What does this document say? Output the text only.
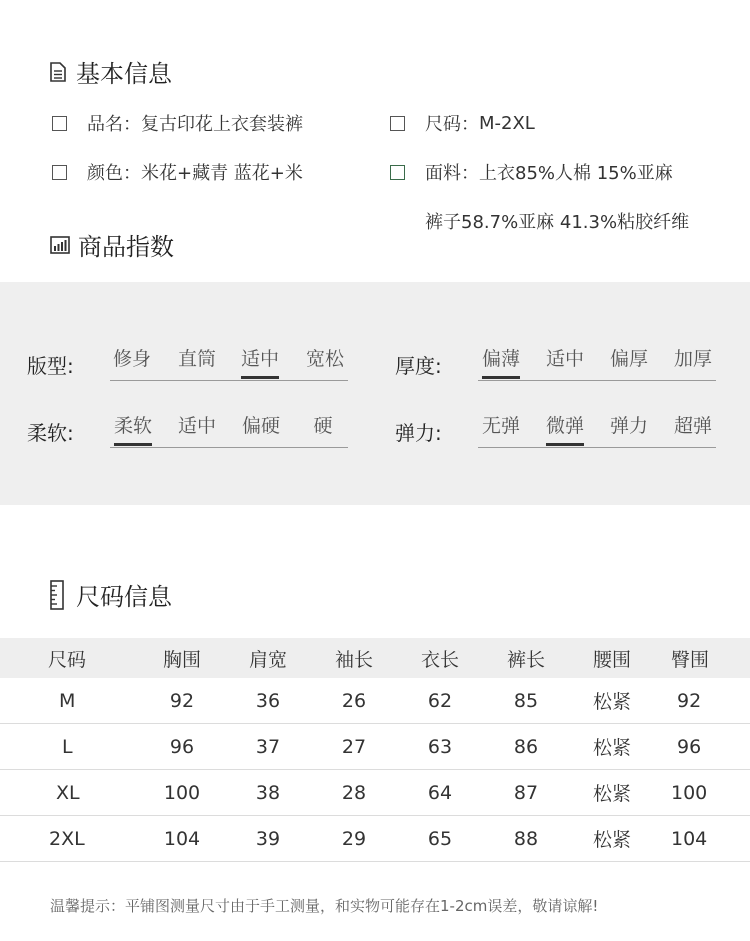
基本信息
品名： 复古印花上衣套装裤	尺码： M-2XL
颜色： 米花+藏青 蓝花+米	面料： 上衣85%人棉 15%亚麻
裤子58.7%亚麻 41.3%粘胶纤维
商品指数
版型: 修身 直筒 适中 宽松	厚度: 偏薄 适中 偏厚 加厚
柔软: 柔软 适中 偏硬 硬	弹力: 无弹 微弹 弹力 超弹
尺码信息
尺码	胸围	肩宽	袖长	衣长	裤长	腰围	臀围
M	92	36	26	62	85	松紧	92
L	96	37	27	63	86	松紧	96
XL	100	38	28	64	87	松紧	100
2XL	104	39	29	65	88	松紧	104
温馨提示：平铺图测量尺寸由于手工测量，和实物可能存在1-2cm误差，敬请谅解!
